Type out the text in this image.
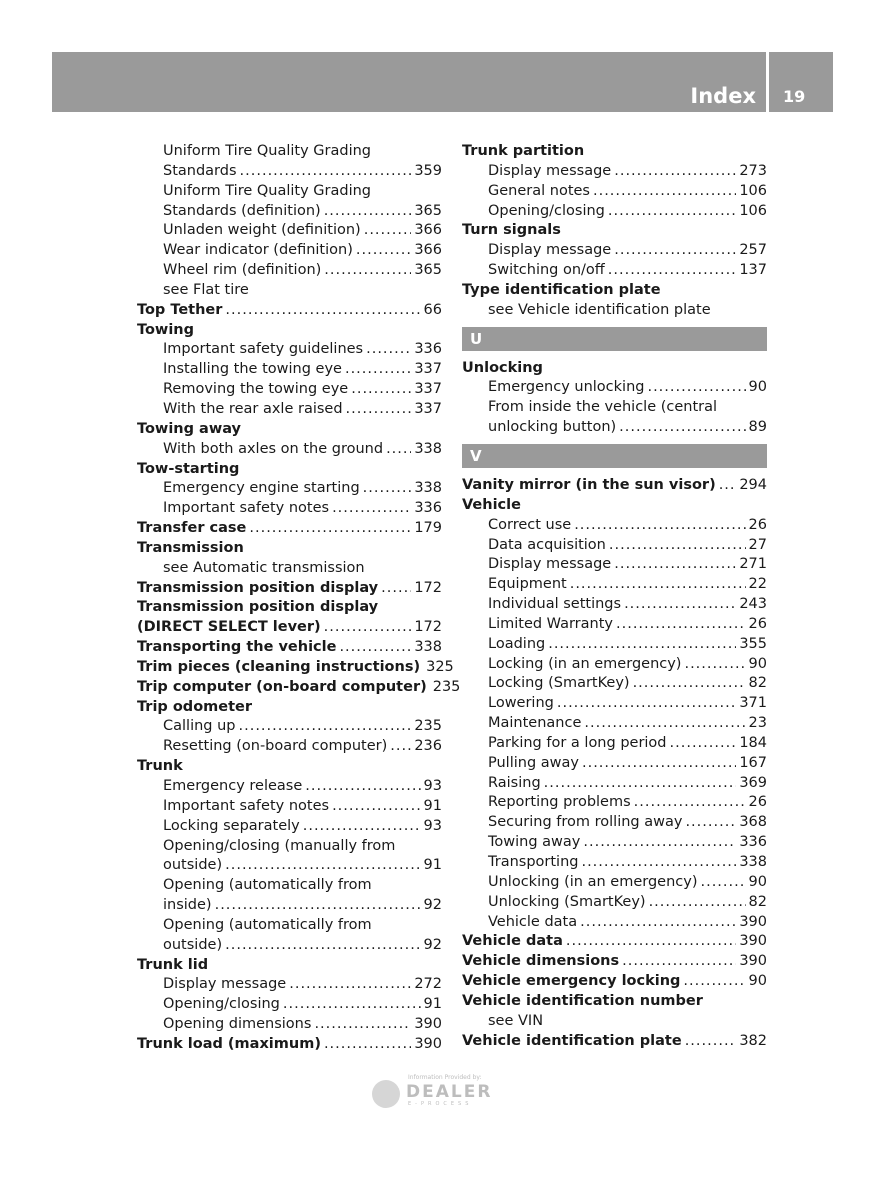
Index 19
Uniform Tire Quality Grading
Standards .....	359
Uniform Tire Quality Grading
Standards (definition) .....	365
Unladen weight (definition) .....	366
Wear indicator (definition) .....	366
Wheel rim (definition) .....	365
see Flat tire
Top Tether .....	66
Towing
Important safety guidelines .....	336
Installing the towing eye .....	337
Removing the towing eye .....	337
With the rear axle raised .....	337
Towing away
With both axles on the ground ..... 338
Tow-starting
Emergency engine starting .....	338
Important safety notes .....	336
Transfer case .....	179
Transmission
see Automatic transmission
Transmission position display ..... 172
Transmission position display
(DIRECT SELECT lever) .....	172
Transporting the vehicle .....	338
Trim pieces (cleaning instructions) 325
Trip computer (on-board computer) 235
Trip odometer
Calling up .....	235
Resetting (on-board computer) ..... 236
Trunk
Emergency release .....	93
Important safety notes .....	91
Locking separately .....	93
Opening/closing (manually from
outside) .....	91
Opening (automatically from
inside) .....	92
Opening (automatically from
outside) .....	92
Trunk lid
Display message .....	272
Opening/closing .....	91
Opening dimensions .....	390
Trunk load (maximum) .....	390
Trunk partition
Display message .....	273
General notes .....	106
Opening/closing .....	106
Turn signals
Display message .....	257
Switching on/off .....	137
Type identification plate
see Vehicle identification plate
U
Unlocking
Emergency unlocking .....	90
From inside the vehicle (central
unlocking button) .....	89
V
Vanity mirror (in the sun visor) ..... 294
Vehicle
Correct use .....	26
Data acquisition .....	27
Display message .....	271
Equipment .....	22
Individual settings .....	243
Limited Warranty .....	26
Loading .....	355
Locking (in an emergency) .....	90
Locking (SmartKey) .....	82
Lowering .....	371
Maintenance .....	23
Parking for a long period .....	184
Pulling away .....	167
Raising .....	369
Reporting problems .....	26
Securing from rolling away .....	368
Towing away .....	336
Transporting .....	338
Unlocking (in an emergency) .....	90
Unlocking (SmartKey) .....	82
Vehicle data .....	390
Vehicle data .....	390
Vehicle dimensions .....	390
Vehicle emergency locking .....	90
Vehicle identification number
see VIN
Vehicle identification plate .....	382
Information Provided by:
DEALER
E-PROCESS
